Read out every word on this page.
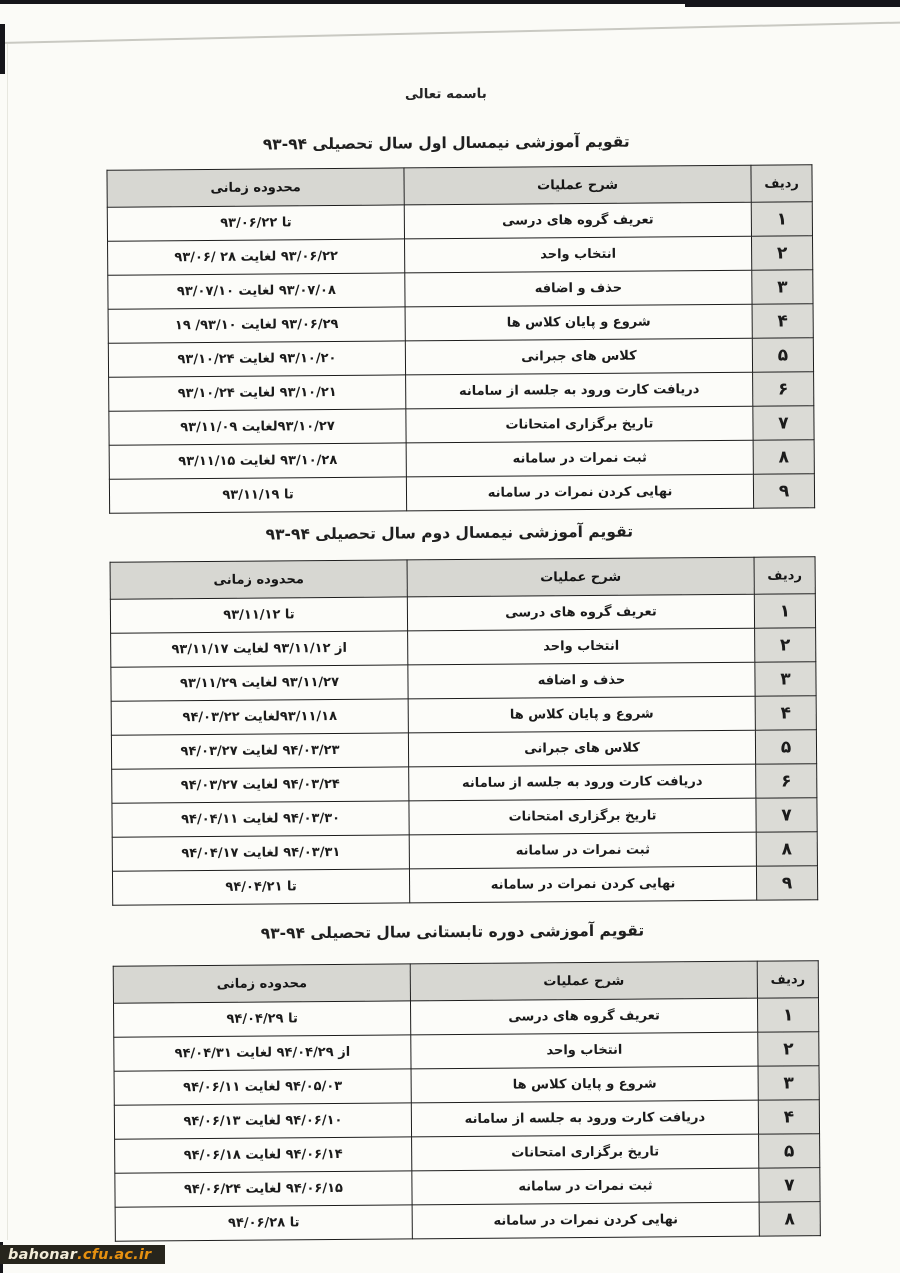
bahonar .cfu.ac.ir
باسمه تعالی
تقویم آموزشی نیمسال اول سال تحصیلی ۹۴-۹۳
ردیف	شرح عملیات	محدوده زمانی
۱	تعریف گروه های درسی	تا ۹۳/۰۶/۲۲
۲	انتخاب واحد	۹۳/۰۶/۲۲ لغایت ۲۸ /۹۳/۰۶
۳	حذف و اضافه	۹۳/۰۷/۰۸ لغایت ۹۳/۰۷/۱۰
۴	شروع و پایان کلاس ها	۹۳/۰۶/۲۹ لغایت ۹۳/۱۰/ ۱۹
۵	کلاس های جبرانی	۹۳/۱۰/۲۰ لغایت ۹۳/۱۰/۲۴
۶	دریافت کارت ورود به جلسه از سامانه	۹۳/۱۰/۲۱ لغایت ۹۳/۱۰/۲۴
۷	تاریخ برگزاری امتحانات	۹۳/۱۰/۲۷لغایت ۹۳/۱۱/۰۹
۸	ثبت نمرات در سامانه	۹۳/۱۰/۲۸ لغایت ۹۳/۱۱/۱۵
۹	نهایی کردن نمرات در سامانه	تا ۹۳/۱۱/۱۹
تقویم آموزشی نیمسال دوم سال تحصیلی ۹۴-۹۳
ردیف	شرح عملیات	محدوده زمانی
۱	تعریف گروه های درسی	تا ۹۳/۱۱/۱۲
۲	انتخاب واحد	از ۹۳/۱۱/۱۲ لغایت ۹۳/۱۱/۱۷
۳	حذف و اضافه	۹۳/۱۱/۲۷ لغایت ۹۳/۱۱/۲۹
۴	شروع و پایان کلاس ها	۹۳/۱۱/۱۸لغایت ۹۴/۰۳/۲۲
۵	کلاس های جبرانی	۹۴/۰۳/۲۳ لغایت ۹۴/۰۳/۲۷
۶	دریافت کارت ورود به جلسه از سامانه	۹۴/۰۳/۲۴ لغایت ۹۴/۰۳/۲۷
۷	تاریخ برگزاری امتحانات	۹۴/۰۳/۳۰ لغایت ۹۴/۰۴/۱۱
۸	ثبت نمرات در سامانه	۹۴/۰۳/۳۱ لغایت ۹۴/۰۴/۱۷
۹	نهایی کردن نمرات در سامانه	تا ۹۴/۰۴/۲۱
تقویم آموزشی دوره تابستانی سال تحصیلی ۹۴-۹۳
ردیف	شرح عملیات	محدوده زمانی
۱	تعریف گروه های درسی	تا ۹۴/۰۴/۲۹
۲	انتخاب واحد	از ۹۴/۰۴/۲۹ لغایت ۹۴/۰۴/۳۱
۳	شروع و پایان کلاس ها	۹۴/۰۵/۰۳ لغایت ۹۴/۰۶/۱۱
۴	دریافت کارت ورود به جلسه از سامانه	۹۴/۰۶/۱۰ لغایت ۹۴/۰۶/۱۳
۵	تاریخ برگزاری امتحانات	۹۴/۰۶/۱۴ لغایت ۹۴/۰۶/۱۸
۷	ثبت نمرات در سامانه	۹۴/۰۶/۱۵ لغایت ۹۴/۰۶/۲۴
۸	نهایی کردن نمرات در سامانه	تا ۹۴/۰۶/۲۸
